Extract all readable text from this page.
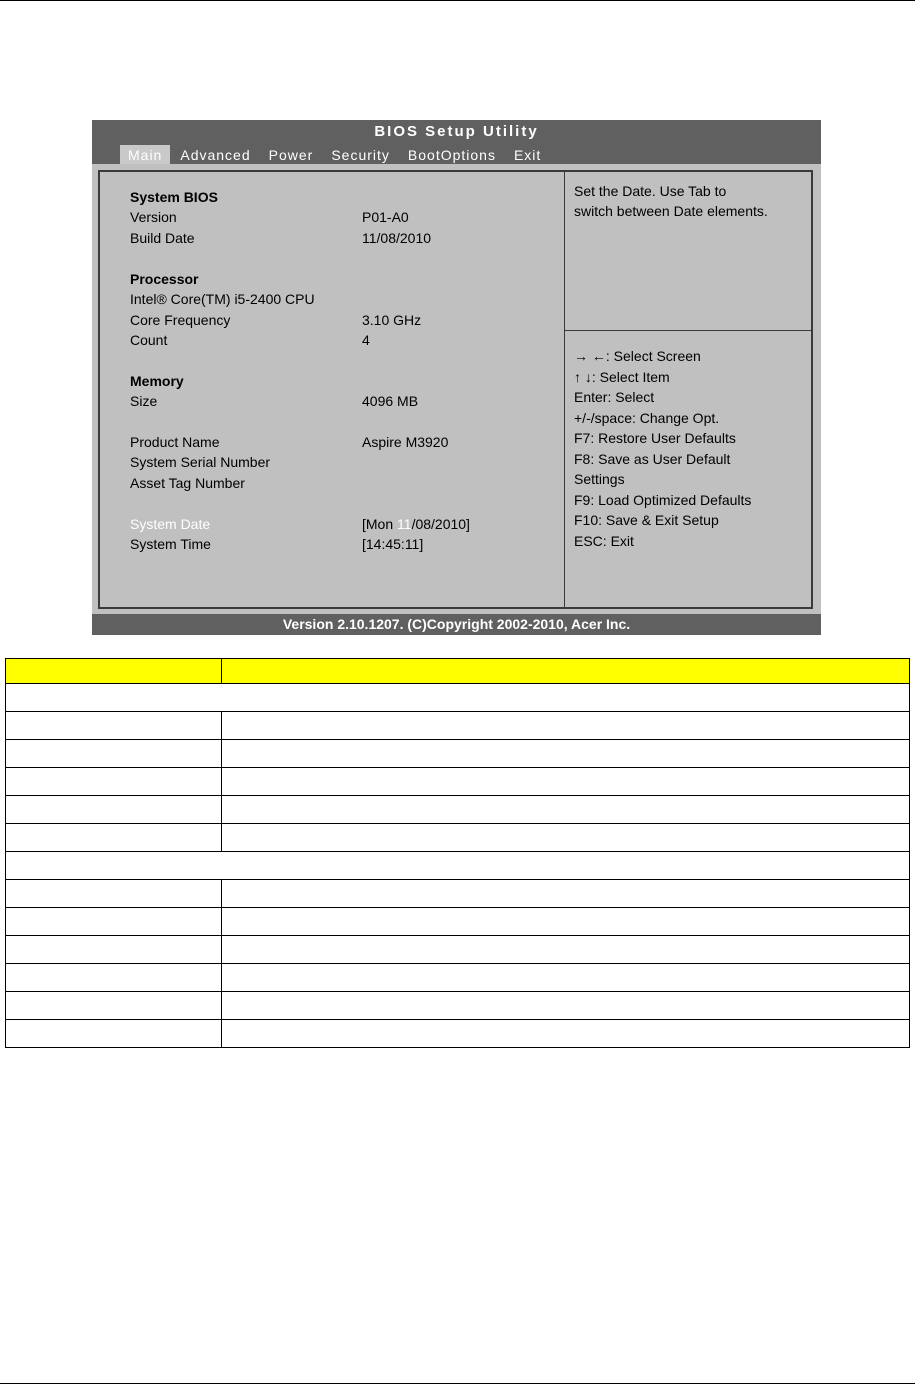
BIOS Setup Utility
Main	Advanced	Power	Security	BootOptions	Exit
System BIOS
Version	P01-A0
Build Date	11/08/2010
Processor
Intel® Core(TM) i5-2400 CPU
Core Frequency	3.10 GHz
Count	4
Memory
Size	4096 MB
Product Name	Aspire M3920
System Serial Number
Asset Tag Number
System Date	[Mon 11/08/2010]
System Time	[14:45:11]
Set the Date. Use Tab to
switch between Date elements.
→ ←: Select Screen
↑ ↓: Select Item
Enter: Select
+/-/space: Change Opt.
F7: Restore User Defaults
F8: Save as User Default
Settings
F9: Load Optimized Defaults
F10: Save & Exit Setup
ESC: Exit
Version 2.10.1207. (C)Copyright 2002-2010, Acer Inc.
